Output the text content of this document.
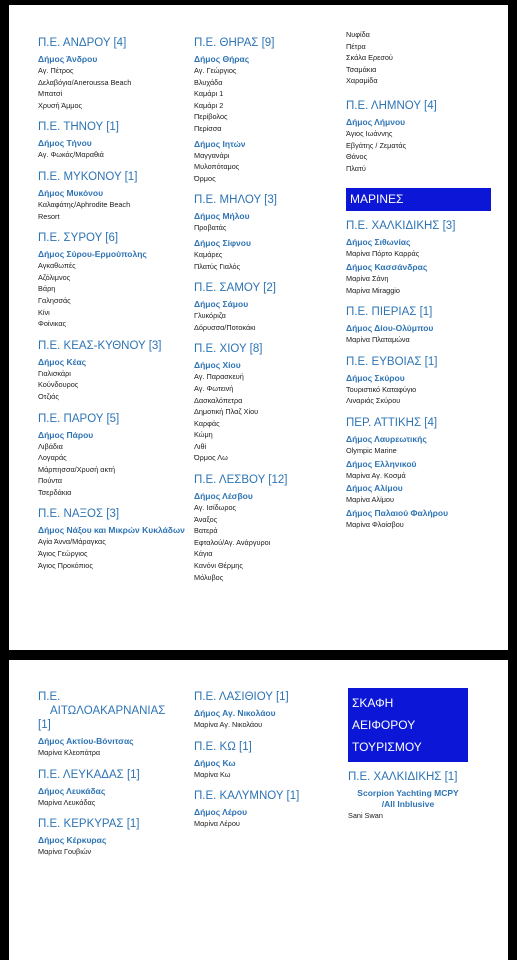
Π.Ε. ΑΝΔΡΟΥ [4]
Δήμος Άνδρου
Αγ. Πέτρος
Δελαβόγια/Aneroussa Beach
Μπατσί
Χρυσή Άμμος
Π.Ε. ΤΗΝΟΥ [1]
Δήμος Τήνου
Αγ. Φωκάς/Μαραθιά
Π.Ε. ΜΥΚΟΝΟΥ [1]
Δήμος Μυκόνου
Καλαφάτης/Aphrodite Beach
Resort
Π.Ε. ΣΥΡΟΥ [6]
Δήμος Σύρου-Ερμούπολης
Αγκαθωπές
Αζόλιμνος
Βάρη
Γαλησσάς
Κίνι
Φοίνικας
Π.Ε. ΚΕΑΣ-ΚΥΘΝΟΥ [3]
Δήμος Κέας
Γιαλισκάρι
Κούνδουρος
Οτζιάς
Π.Ε. ΠΑΡΟΥ [5]
Δήμος Πάρου
Λιβάδια
Λογαράς
Μάρπησσα/Χρυσή ακτή
Πούντα
Τσερδάκια
Π.Ε. ΝΑΞΟΣ [3]
Δήμος Νάξου και Μικρών Κυκλάδων
Αγία Άννα/Μάραγκας
Άγιος Γεώργιος
Άγιος Προκόπιος
Π.Ε. ΘΗΡΑΣ [9]
Δήμος Θήρας
Αγ. Γεώργιος
Βλυχάδα
Καμάρι 1
Καμάρι 2
Περίβολος
Περίσσα
Δήμος Ιητών
Μαγγανάρι
Μυλοπόταμος
Όρμος
Π.Ε. ΜΗΛΟΥ [3]
Δήμος Μήλου
Προβατάς
Δήμος Σίφνου
Καμάρες
Πλατύς Γιαλός
Π.Ε. ΣΑΜΟΥ [2]
Δήμος Σάμου
Γλυκόριζα
Δόρυσσα/Ποτοκάκι
Π.Ε. ΧΙΟΥ [8]
Δήμος Χίου
Αγ. Παρασκευή
Αγ. Φωτεινή
Δασκαλόπετρα
Δημοτική Πλαζ Χίου
Καρφάς
Κώμη
Λιθί
Όρμος Λω
Π.Ε. ΛΕΣΒΟΥ [12]
Δήμος Λέσβου
Αγ. Ισίδωρος
Άναξος
Βατερά
Εφταλού/Αγ. Ανάργυροι
Κάγια
Κανόνι Θέρμης
Μόλυβος
Νυφίδα
Πέτρα
Σκάλα Ερεσού
Τσαμάκια
Χαραμίδα
Π.Ε. ΛΗΜΝΟΥ [4]
Δήμος Λήμνου
Άγιος Ιωάννης
Εβγάτης / Ζεματάς
Θάνος
Πλατύ
ΜΑΡΙΝΕΣ
Π.Ε. ΧΑΛΚΙΔΙΚΗΣ [3]
Δήμος Σιθωνίας
Μαρίνα Πόρτο Καρράς
Δήμος Κασσάνδρας
Μαρίνα Σάνη
Μαρίνα Miraggio
Π.Ε. ΠΙΕΡΙΑΣ [1]
Δήμος Δίου-Ολύμπου
Μαρίνα Πλαταμώνα
Π.Ε. ΕΥΒΟΙΑΣ [1]
Δήμος Σκύρου
Τουριστικό Καταφύγιο
Λιναριάς Σκύρου
ΠΕΡ. ΑΤΤΙΚΗΣ [4]
Δήμος Λαυρεωτικής
Olympic Marine
Δήμος Ελληνικού
Μαρίνα Αγ. Κοσμά
Δήμος Αλίμου
Μαρίνα Αλίμου
Δήμος Παλαιού Φαλήρου
Μαρίνα Φλοίσβου
Π.Ε.
ΑΙΤΩΛΟΑΚΑΡΝΑΝΙΑΣ
[1]
Δήμος Ακτίου-Βόνιτσας
Μαρίνα Κλεοπάτρα
Π.Ε. ΛΕΥΚΑΔΑΣ [1]
Δήμος Λευκάδας
Μαρίνα Λευκάδας
Π.Ε. ΚΕΡΚΥΡΑΣ [1]
Δήμος Κέρκυρας
Μαρίνα Γουβιών
Π.Ε. ΛΑΣΙΘΙΟΥ [1]
Δήμος Αγ. Νικολάου
Μαρίνα Αγ. Νικολάου
Π.Ε. ΚΩ [1]
Δήμος Κω
Μαρίνα Κω
Π.Ε. ΚΑΛΥΜΝΟΥ [1]
Δήμος Λέρου
Μαρίνα Λέρου
ΣΚΑΦΗ
ΑΕΙΦΟΡΟΥ
ΤΟΥΡΙΣΜΟΥ
Π.Ε. ΧΑΛΚΙΔΙΚΗΣ [1]
Scorpion Yachting MCPY
/All Inblusive
Sani Swan
